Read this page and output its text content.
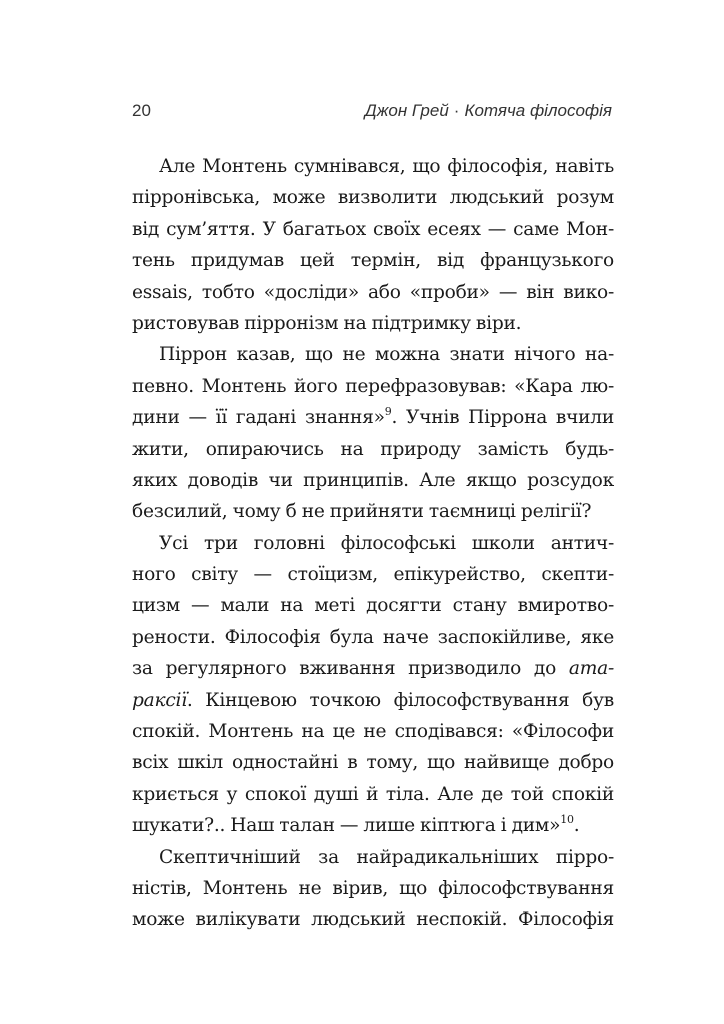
20	Джон Грей · Котяча філософія
Але Монтень сумнівався, що філософія, навіть
пірронівська, може визволити людський розум
від сум’яття. У багатьох своїх есеях — саме Мон-
тень придумав цей термін, від французького
essais, тобто «досліди» або «проби» — він вико-
ристовував пірронізм на підтримку віри.
Піррон казав, що не можна знати нічого на-
певно. Монтень його перефразовував: «Кара лю-
дини — її гадані знання»$^9$. Учнів Піррона вчили
жити, опираючись на природу замість будь-
яких доводів чи принципів. Але якщо розсудок
безсилий, чому б не прийняти таємниці релігії?
Усі три головні філософські школи антич-
ного світу — стоїцизм, епікурейство, скепти-
цизм — мали на меті досягти стану вмиротво-
рености. Філософія була наче заспокійливе, яке
за регулярного вживання призводило до ата-
раксії. Кінцевою точкою філософствування був
спокій. Монтень на це не сподівався: «Філософи
всіх шкіл одностайні в тому, що найвище добро
криється у спокої душі й тіла. Але де той спокій
шукати?.. Наш талан — лише кіптюга і дим»$^{10}$.
Скептичніший за найрадикальніших пірро-
ністів, Монтень не вірив, що філософствування
може вилікувати людський неспокій. Філософія
